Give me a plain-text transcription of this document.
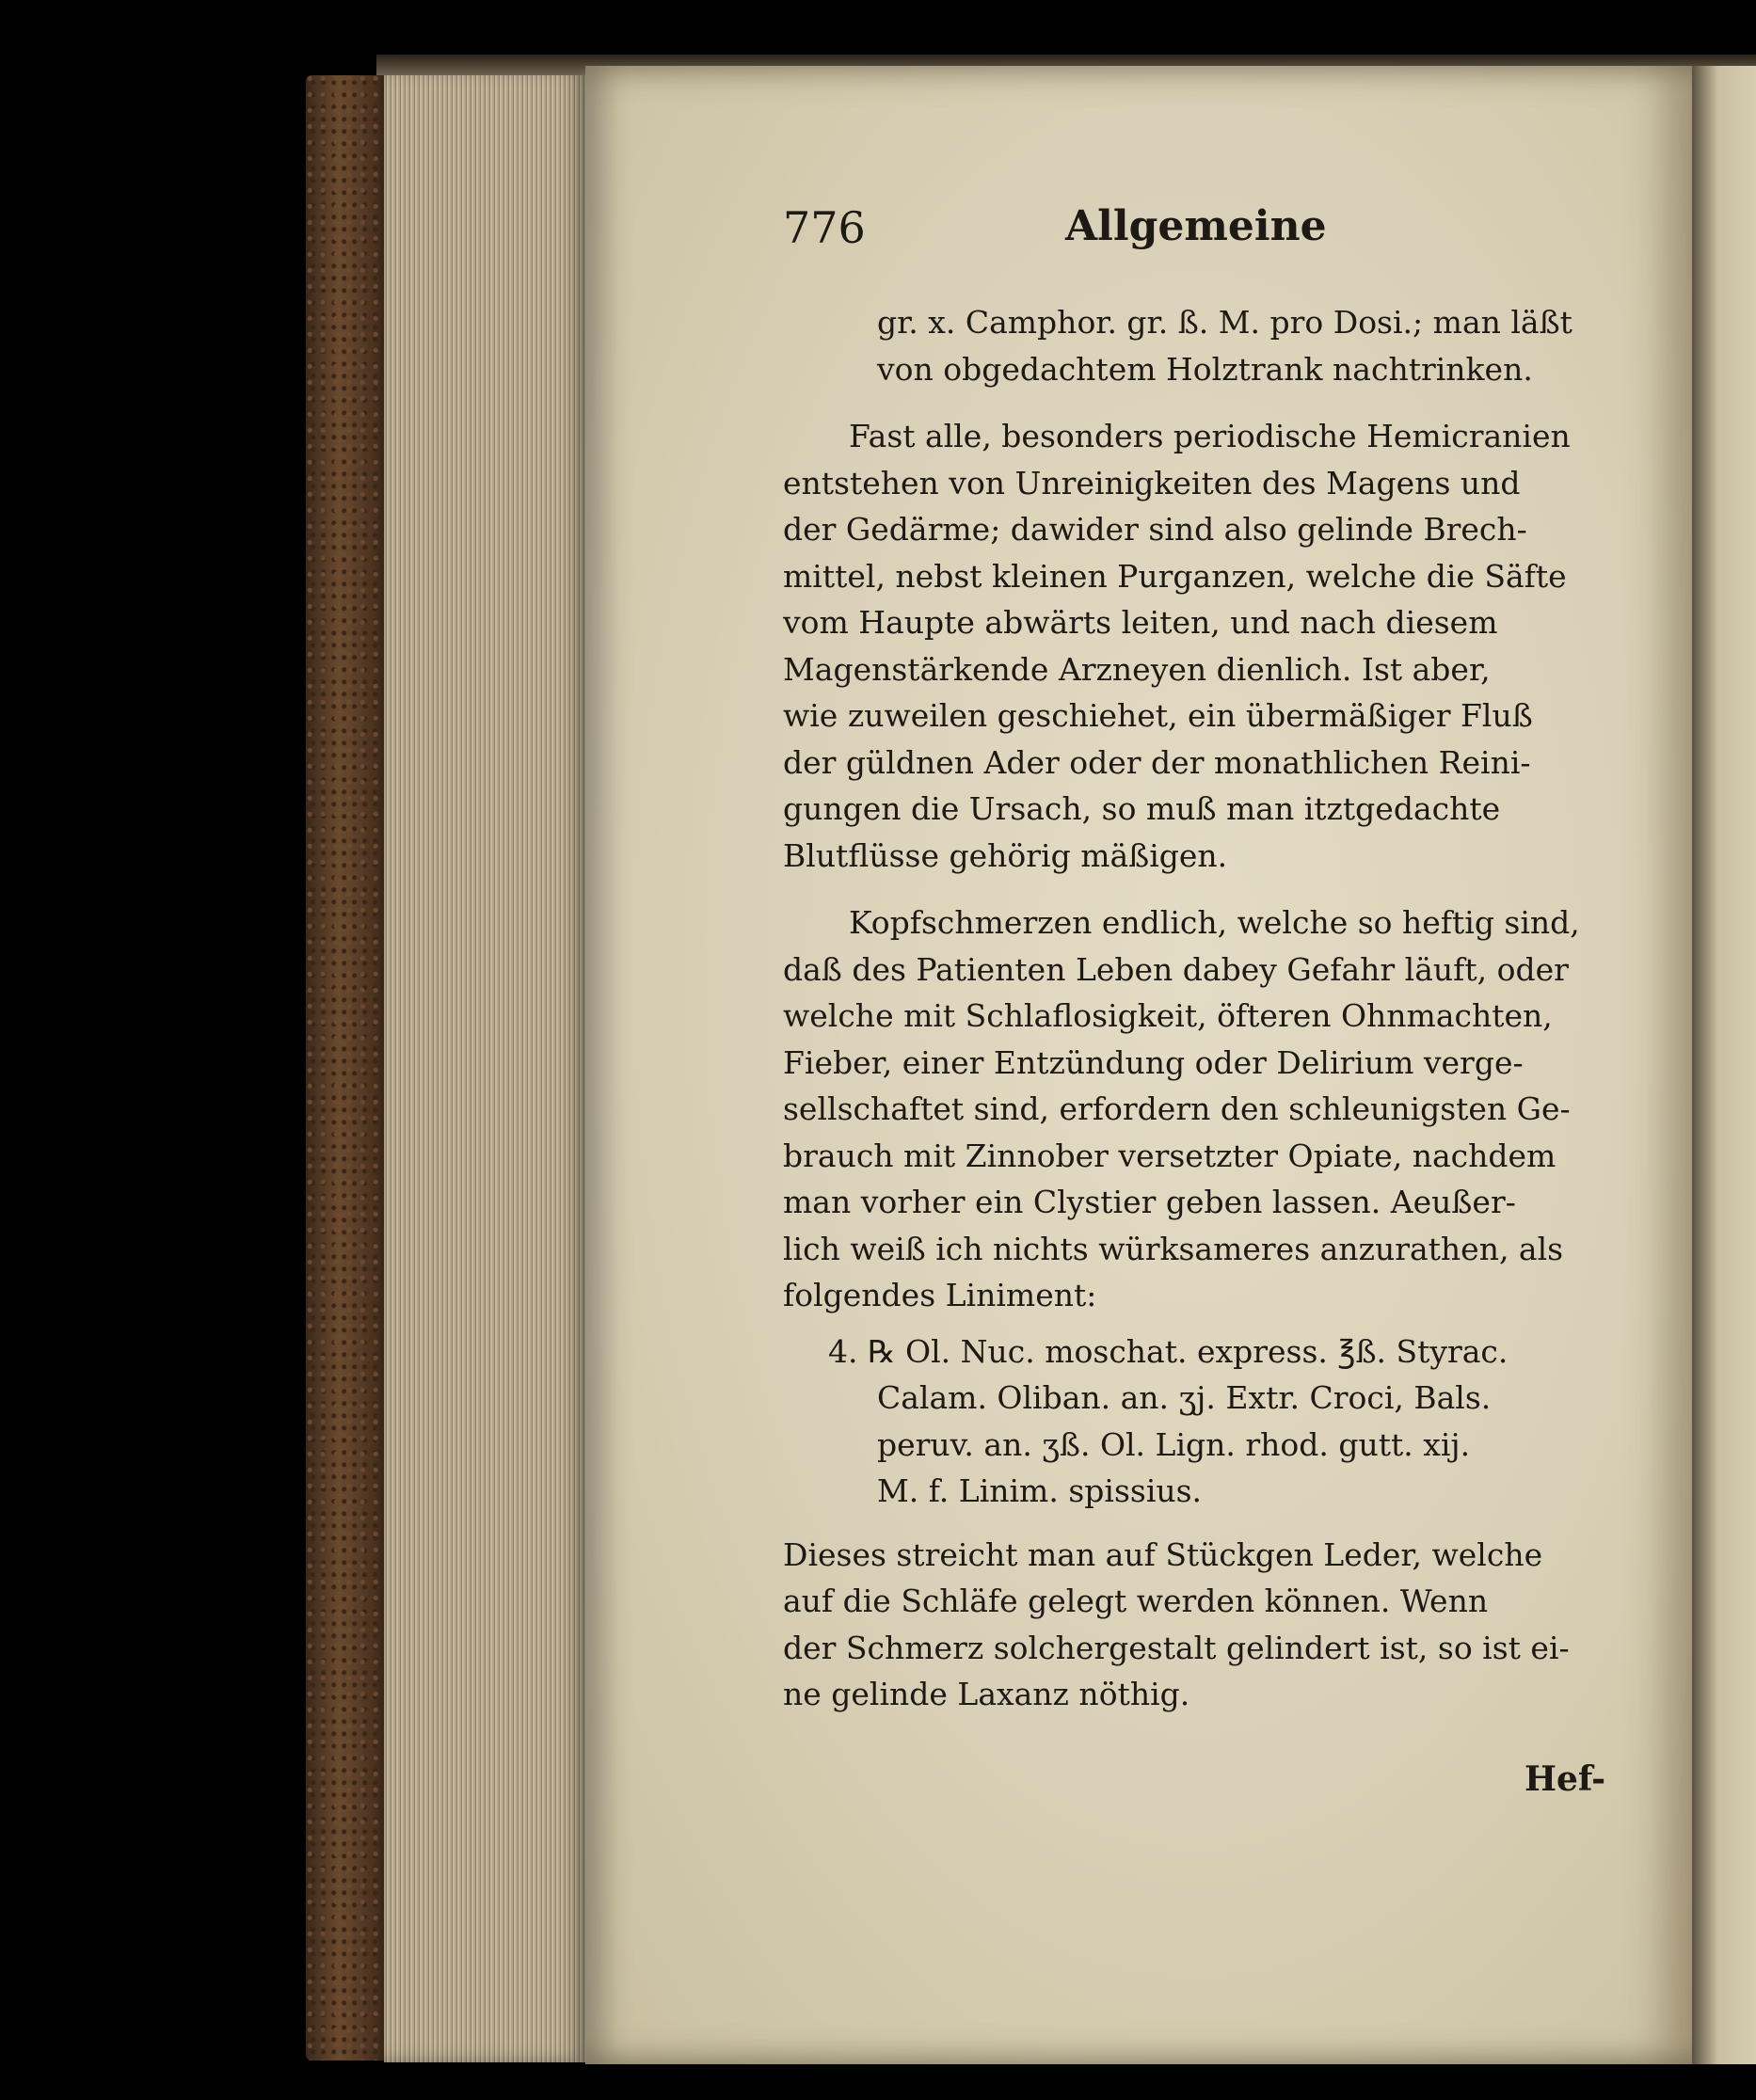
776	Allgemeine
gr. x. Camphor. gr. ß. M. pro Dosi.; man läßt
von obgedachtem Holztrank nachtrinken.
Fast alle, besonders periodische Hemicranien
entstehen von Unreinigkeiten des Magens und
der Gedärme; dawider sind also gelinde Brech-
mittel, nebst kleinen Purganzen, welche die Säfte
vom Haupte abwärts leiten, und nach diesem
Magenstärkende Arzneyen dienlich. Ist aber,
wie zuweilen geschiehet, ein übermäßiger Fluß
der güldnen Ader oder der monathlichen Reini-
gungen die Ursach, so muß man itztgedachte
Blutflüsse gehörig mäßigen.
Kopfschmerzen endlich, welche so heftig sind,
daß des Patienten Leben dabey Gefahr läuft, oder
welche mit Schlaflosigkeit, öfteren Ohnmachten,
Fieber, einer Entzündung oder Delirium verge-
sellschaftet sind, erfordern den schleunigsten Ge-
brauch mit Zinnober versetzter Opiate, nachdem
man vorher ein Clystier geben lassen. Aeußer-
lich weiß ich nichts würksameres anzurathen, als
folgendes Liniment:
4. ℞ Ol. Nuc. moschat. express. ℥ß. Styrac.
Calam. Oliban. an. ʒj. Extr. Croci, Bals.
peruv. an. ʒß. Ol. Lign. rhod. gutt. xij.
M. f. Linim. spissius.
Dieses streicht man auf Stückgen Leder, welche
auf die Schläfe gelegt werden können. Wenn
der Schmerz solchergestalt gelindert ist, so ist ei-
ne gelinde Laxanz nöthig.
Hef-
